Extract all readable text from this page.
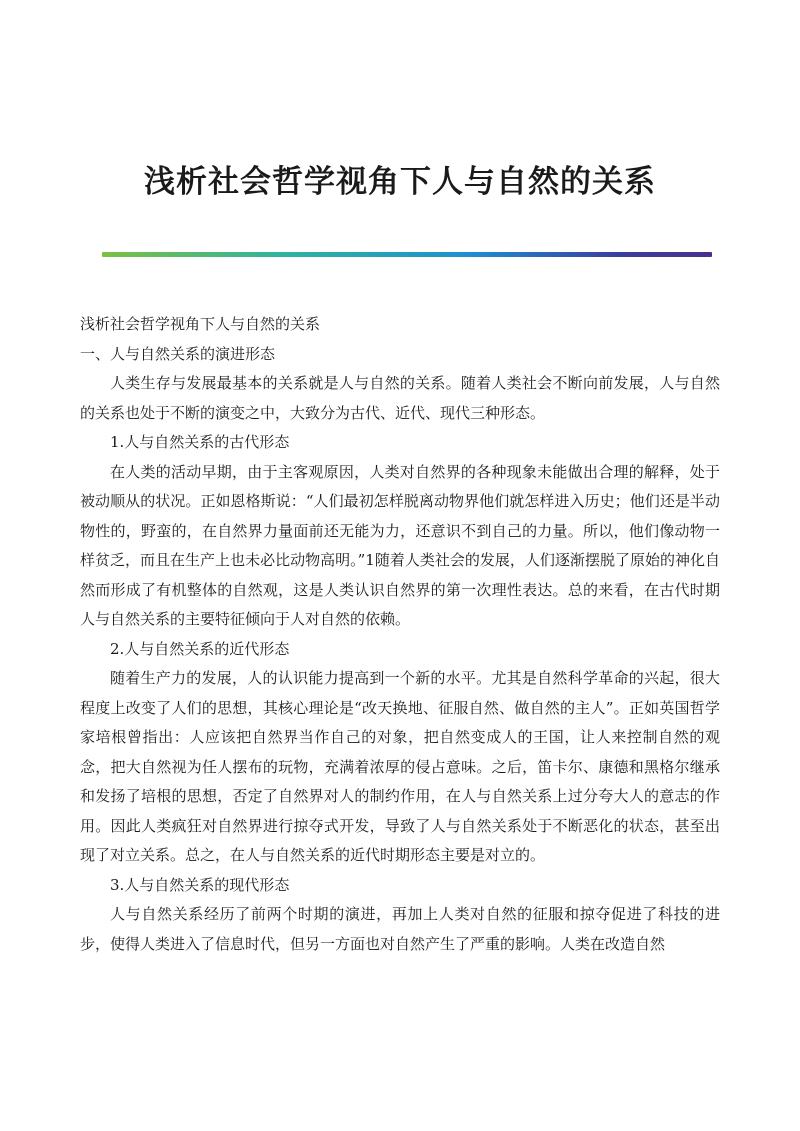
浅析社会哲学视角下人与自然的关系

浅析社会哲学视角下人与自然的关系

一、人与自然关系的演进形态

人类生存与发展最基本的关系就是人与自然的关系。随着人类社会不断向前发展，人与自然的关系也处于不断的演变之中，大致分为古代、近代、现代三种形态。

1.人与自然关系的古代形态

在人类的活动早期，由于主客观原因，人类对自然界的各种现象未能做出合理的解释，处于被动顺从的状况。正如恩格斯说：“人们最初怎样脱离动物界他们就怎样进入历史；他们还是半动物性的，野蛮的，在自然界力量面前还无能为力，还意识不到自己的力量。所以，他们像动物一样贫乏，而且在生产上也未必比动物高明。”1随着人类社会的发展，人们逐渐摆脱了原始的神化自然而形成了有机整体的自然观，这是人类认识自然界的第一次理性表达。总的来看，在古代时期人与自然关系的主要特征倾向于人对自然的依赖。

2.人与自然关系的近代形态

随着生产力的发展，人的认识能力提高到一个新的水平。尤其是自然科学革命的兴起，很大程度上改变了人们的思想，其核心理论是“改天换地、征服自然、做自然的主人”。正如英国哲学家培根曾指出：人应该把自然界当作自己的对象，把自然变成人的王国，让人来控制自然的观念，把大自然视为任人摆布的玩物，充满着浓厚的侵占意味。之后，笛卡尔、康德和黑格尔继承和发扬了培根的思想，否定了自然界对人的制约作用，在人与自然关系上过分夸大人的意志的作用。因此人类疯狂对自然界进行掠夺式开发，导致了人与自然关系处于不断恶化的状态，甚至出现了对立关系。总之，在人与自然关系的近代时期形态主要是对立的。

3.人与自然关系的现代形态

人与自然关系经历了前两个时期的演进，再加上人类对自然的征服和掠夺促进了科技的进步，使得人类进入了信息时代，但另一方面也对自然产生了严重的影响。人类在改造自然
